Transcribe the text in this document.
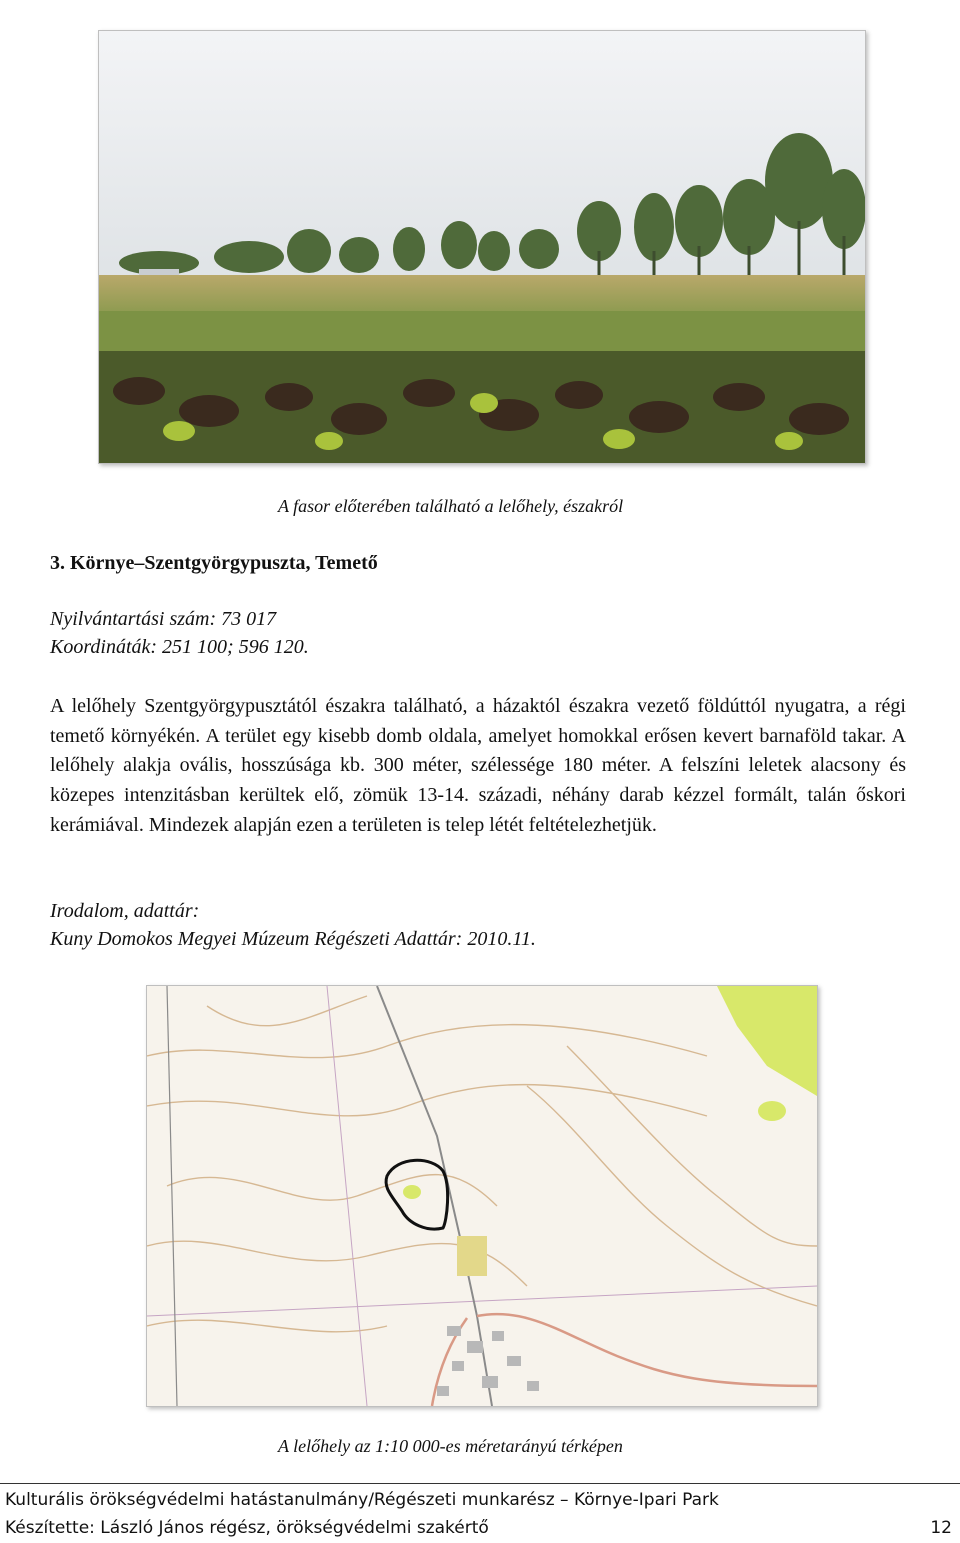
A fasor előterében található a lelőhely, északról
3. Környe–Szentgyörgypuszta, Temető
Nyilvántartási szám: 73 017
Koordináták: 251 100; 596 120.
A lelőhely Szentgyörgypusztától északra található, a házaktól északra vezető földúttól nyugatra, a régi temető környékén. A terület egy kisebb domb oldala, amelyet homokkal erősen kevert barnaföld takar. A lelőhely alakja ovális, hosszúsága kb. 300 méter, szélessége 180 méter. A felszíni leletek alacsony és közepes intenzitásban kerültek elő, zömük 13-14. századi, néhány darab kézzel formált, talán őskori kerámiával. Mindezek alapján ezen a területen is telep létét feltételezhetjük.
Irodalom, adattár:
Kuny Domokos Megyei Múzeum Régészeti Adattár: 2010.11.
A lelőhely az 1:10 000-es méretarányú térképen
Kulturális örökségvédelmi hatástanulmány/Régészeti munkarész – Környe-Ipari Park
Készítette: László János régész, örökségvédelmi szakértő	12
